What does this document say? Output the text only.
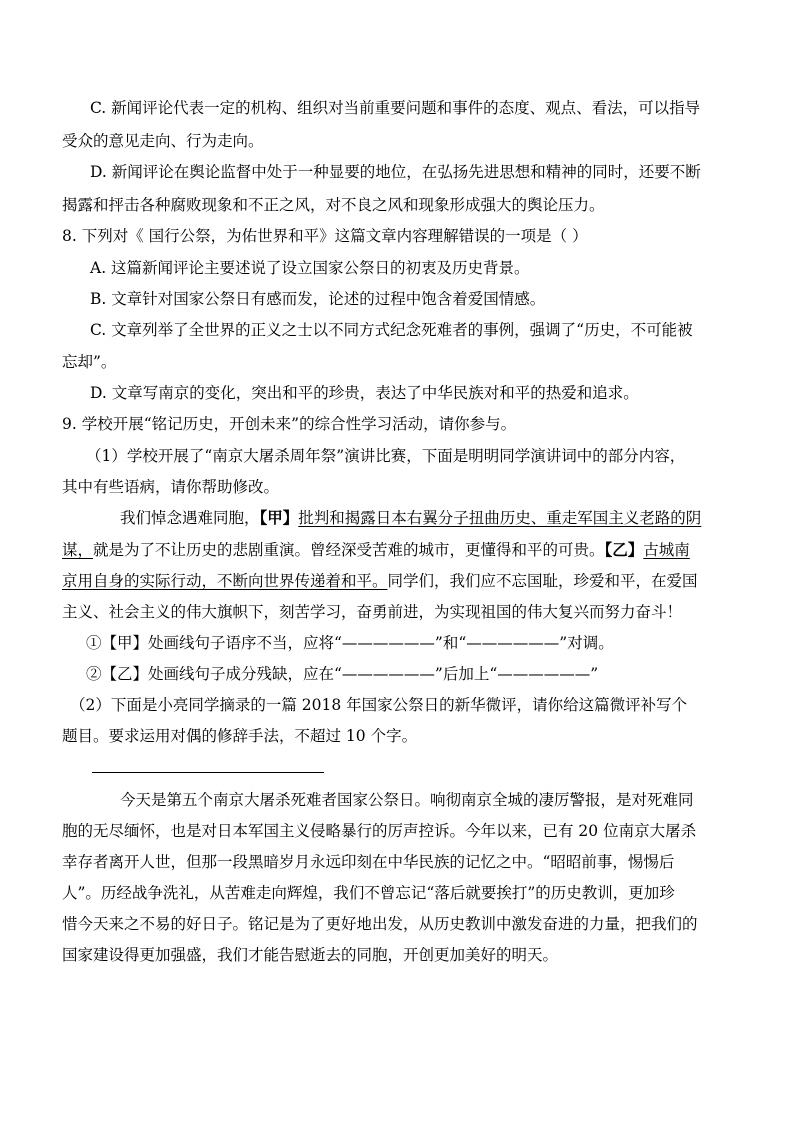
C. 新闻评论代表一定的机构、组织对当前重要问题和事件的态度、观点、看法，可以指导
受众的意见走向、行为走向。
D. 新闻评论在舆论监督中处于一种显要的地位，在弘扬先进思想和精神的同时，还要不断
揭露和抨击各种腐败现象和不正之风，对不良之风和现象形成强大的舆论压力。
8. 下列对《 国行公祭，为佑世界和平》这篇文章内容理解错误的一项是（ ）
A. 这篇新闻评论主要述说了设立国家公祭日的初衷及历史背景。
B. 文章针对国家公祭日有感而发，论述的过程中饱含着爱国情感。
C. 文章列举了全世界的正义之士以不同方式纪念死难者的事例，强调了“历史，不可能被
忘却”。
D. 文章写南京的变化，突出和平的珍贵，表达了中华民族对和平的热爱和追求。
9. 学校开展“铭记历史，开创未来”的综合性学习活动，请你参与。
（1）学校开展了“南京大屠杀周年祭”演讲比赛，下面是明明同学演讲词中的部分内容，
其中有些语病，请你帮助修改。
我们悼念遇难同胞，【甲】批判和揭露日本右翼分子扭曲历史、重走军国主义老路的阴
谋，就是为了不让历史的悲剧重演。曾经深受苦难的城市，更懂得和平的可贵。【乙】古城南
京用自身的实际行动，不断向世界传递着和平。同学们，我们应不忘国耻，珍爱和平，在爱国
主义、社会主义的伟大旗帜下，刻苦学习，奋勇前进，为实现祖国的伟大复兴而努力奋斗！
①【甲】处画线句子语序不当，应将“——————”和“——————”对调。
②【乙】处画线句子成分残缺，应在“——————”后加上“——————”
（2）下面是小亮同学摘录的一篇 2018 年国家公祭日的新华微评，请你给这篇微评补写个
题目。要求运用对偶的修辞手法，不超过 10 个字。
今天是第五个南京大屠杀死难者国家公祭日。响彻南京全城的凄厉警报，是对死难同
胞的无尽缅怀，也是对日本军国主义侵略暴行的厉声控诉。今年以来，已有 20 位南京大屠杀
幸存者离开人世，但那一段黑暗岁月永远印刻在中华民族的记忆之中。“昭昭前事，惕惕后
人”。历经战争洗礼，从苦难走向辉煌，我们不曾忘记“落后就要挨打”的历史教训，更加珍
惜今天来之不易的好日子。铭记是为了更好地出发，从历史教训中激发奋进的力量，把我们的
国家建设得更加强盛，我们才能告慰逝去的同胞，开创更加美好的明天。
